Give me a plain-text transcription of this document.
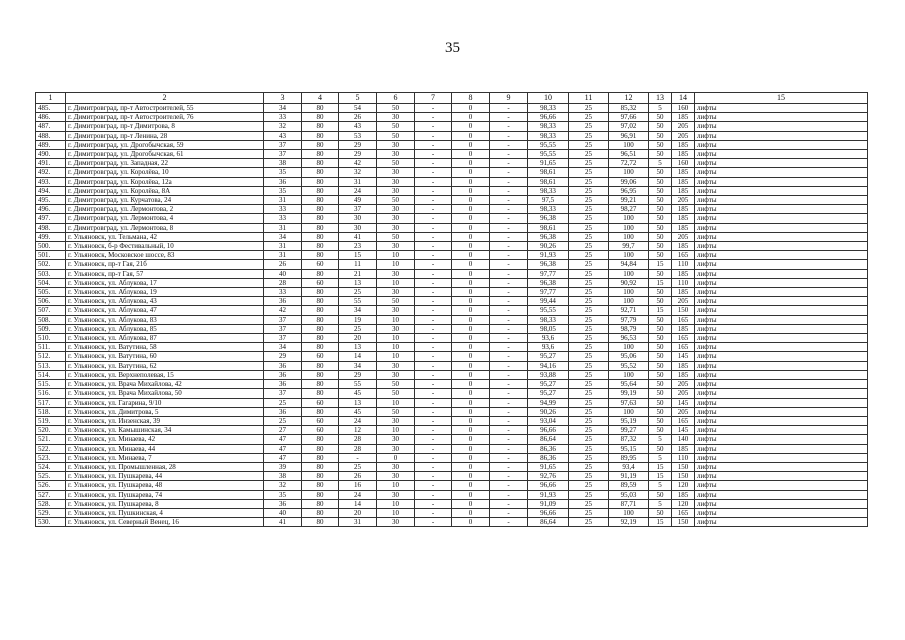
35
1	2	3	4	5	6	7	8	9	10	11	12	13	14	15
485.	г. Димитровград, пр-т Автостроителей, 55	34	80	54	50	-	0	-	98,33	25	85,32	5	160	лифты
486.	г. Димитровград, пр-т Автостроителей, 76	33	80	26	30	-	0	-	96,66	25	97,66	50	185	лифты
487.	г. Димитровград, пр-т Димитрова, 8	32	80	43	50	-	0	-	98,33	25	97,02	50	205	лифты
488.	г. Димитровград, пр-т Ленина, 28	43	80	53	50	-	0	-	98,33	25	96,91	50	205	лифты
489.	г. Димитровград, ул. Дрогобычская, 59	37	80	29	30	-	0	-	95,55	25	100	50	185	лифты
490.	г. Димитровград, ул. Дрогобычская, 61	37	80	29	30	-	0	-	95,55	25	96,51	50	185	лифты
491.	г. Димитровград, ул. Западная, 22	38	80	42	50	-	0	-	91,65	25	72,72	5	160	лифты
492.	г. Димитровград, ул. Королёва, 10	35	80	32	30	-	0	-	98,61	25	100	50	185	лифты
493.	г. Димитровград, ул. Королёва, 12а	36	80	31	30	-	0	-	98,61	25	99,06	50	185	лифты
494.	г. Димитровград, ул. Королёва, 8А	35	80	24	30	-	0	-	98,33	25	96,95	50	185	лифты
495.	г. Димитровград, ул. Курчатова, 24	31	80	49	50	-	0	-	97,5	25	99,21	50	205	лифты
496.	г. Димитровград, ул. Лермонтова, 2	33	80	37	30	-	0	-	98,33	25	98,27	50	185	лифты
497.	г. Димитровград, ул. Лермонтова, 4	33	80	30	30	-	0	-	96,38	25	100	50	185	лифты
498.	г. Димитровград, ул. Лермонтова, 8	31	80	30	30	-	0	-	98,61	25	100	50	185	лифты
499.	г. Ульяновск, ул. Тельмана, 42	34	80	41	50	-	0	-	96,38	25	100	50	205	лифты
500.	г. Ульяновск, б-р Фестивальный, 10	31	80	23	30	-	0	-	90,26	25	99,7	50	185	лифты
501.	г. Ульяновск, Московское шоссе, 83	31	80	15	10	-	0	-	91,93	25	100	50	165	лифты
502.	г. Ульяновск, пр-т Гая, 21б	26	60	11	10	-	0	-	96,38	25	94,84	15	110	лифты
503.	г. Ульяновск, пр-т Гая, 57	40	80	21	30	-	0	-	97,77	25	100	50	185	лифты
504.	г. Ульяновск, ул. Аблукова, 17	28	60	13	10	-	0	-	96,38	25	90,92	15	110	лифты
505.	г. Ульяновск, ул. Аблукова, 19	33	80	25	30	-	0	-	97,77	25	100	50	185	лифты
506.	г. Ульяновск, ул. Аблукова, 43	36	80	55	50	-	0	-	99,44	25	100	50	205	лифты
507.	г. Ульяновск, ул. Аблукова, 47	42	80	34	30	-	0	-	95,55	25	92,71	15	150	лифты
508.	г. Ульяновск, ул. Аблукова, 83	37	80	19	10	-	0	-	98,33	25	97,79	50	165	лифты
509.	г. Ульяновск, ул. Аблукова, 85	37	80	25	30	-	0	-	98,05	25	98,79	50	185	лифты
510.	г. Ульяновск, ул. Аблукова, 87	37	80	20	10	-	0	-	93,6	25	96,53	50	165	лифты
511.	г. Ульяновск, ул. Ватутина, 58	34	80	13	10	-	0	-	93,6	25	100	50	165	лифты
512.	г. Ульяновск, ул. Ватутина, 60	29	60	14	10	-	0	-	95,27	25	95,06	50	145	лифты
513.	г. Ульяновск, ул. Ватутина, 62	36	80	34	30	-	0	-	94,16	25	95,52	50	185	лифты
514.	г. Ульяновск, ул. Верхнеполевая, 15	36	80	29	30	-	0	-	93,88	25	100	50	185	лифты
515.	г. Ульяновск, ул. Врача Михайлова, 42	36	80	55	50	-	0	-	95,27	25	95,64	50	205	лифты
516.	г. Ульяновск, ул. Врача Михайлова, 50	37	80	45	50	-	0	-	95,27	25	99,19	50	205	лифты
517.	г. Ульяновск, ул. Гагарина, 9/10	25	60	13	10	-	0	-	94,99	25	97,63	50	145	лифты
518.	г. Ульяновск, ул. Димитрова, 5	36	80	45	50	-	0	-	90,26	25	100	50	205	лифты
519.	г. Ульяновск, ул. Инзенская, 39	25	60	24	30	-	0	-	93,04	25	95,19	50	165	лифты
520.	г. Ульяновск, ул. Камышинская, 34	27	60	12	10	-	0	-	96,66	25	99,27	50	145	лифты
521.	г. Ульяновск, ул. Минаева, 42	47	80	28	30	-	0	-	86,64	25	87,32	5	140	лифты
522.	г. Ульяновск, ул. Минаева, 44	47	80	28	30	-	0	-	86,36	25	95,15	50	185	лифты
523.	г. Ульяновск, ул. Минаева, 7	47	80	-	0	-	0	-	86,36	25	89,95	5	110	лифты
524.	г. Ульяновск, ул. Промышленная, 28	39	80	25	30	-	0	-	91,65	25	93,4	15	150	лифты
525.	г. Ульяновск, ул. Пушкарева, 44	38	80	26	30	-	0	-	92,76	25	91,19	15	150	лифты
526.	г. Ульяновск, ул. Пушкарева, 48	32	80	16	10	-	0	-	96,66	25	89,59	5	120	лифты
527.	г. Ульяновск, ул. Пушкарева, 74	35	80	24	30	-	0	-	91,93	25	95,03	50	185	лифты
528.	г. Ульяновск, ул. Пушкарева, 8	36	80	14	10	-	0	-	91,09	25	87,71	5	120	лифты
529.	г. Ульяновск, ул. Пушкинская, 4	40	80	20	10	-	0	-	96,66	25	100	50	165	лифты
530.	г. Ульяновск, ул. Северный Венец, 16	41	80	31	30	-	0	-	86,64	25	92,19	15	150	лифты
